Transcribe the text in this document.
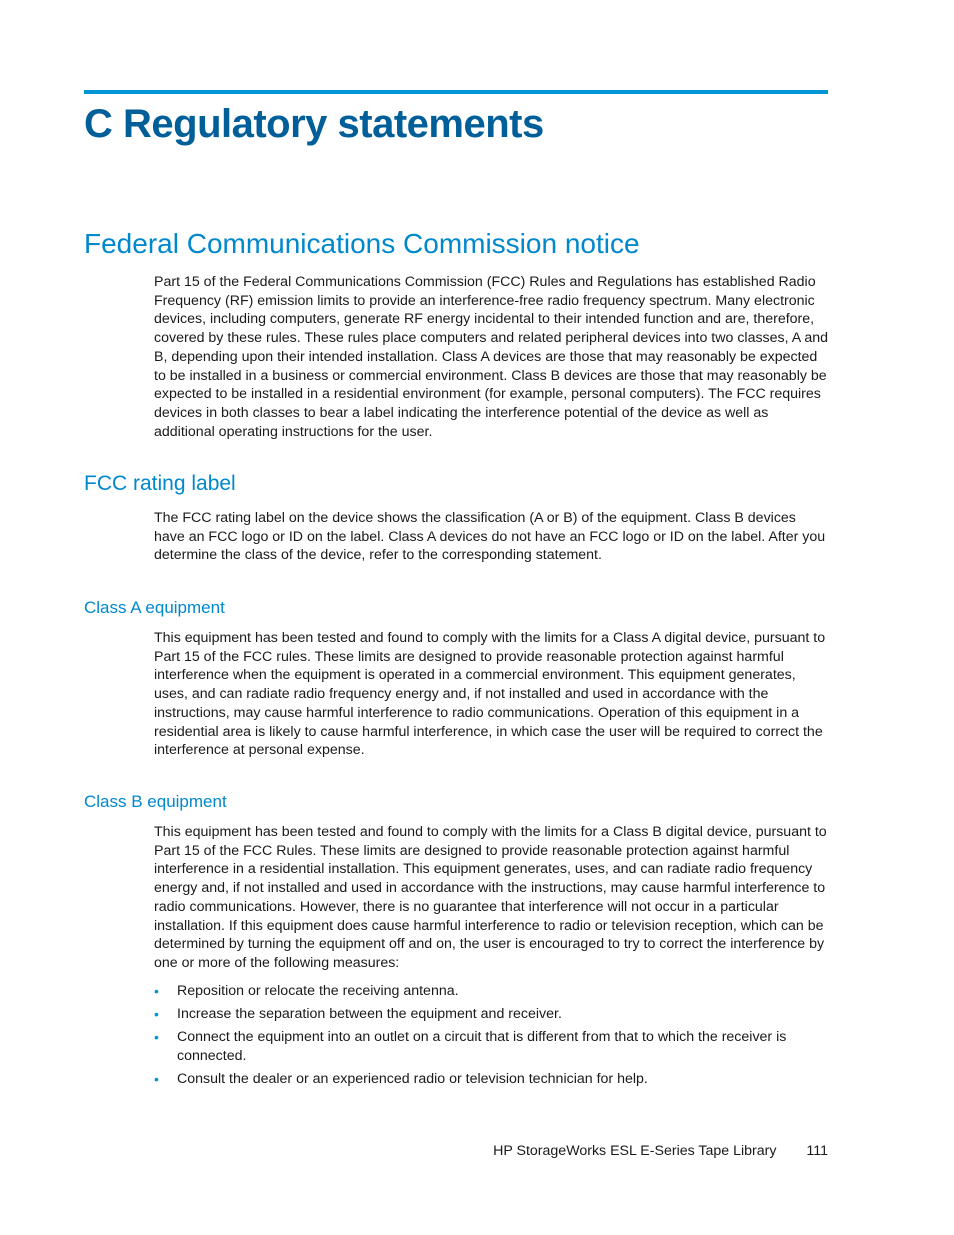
C Regulatory statements
Federal Communications Commission notice

Part 15 of the Federal Communications Commission (FCC) Rules and Regulations has established Radio Frequency (RF) emission limits to provide an interference-free radio frequency spectrum. Many electronic devices, including computers, generate RF energy incidental to their intended function and are, therefore, covered by these rules. These rules place computers and related peripheral devices into two classes, A and B, depending upon their intended installation. Class A devices are those that may reasonably be expected to be installed in a business or commercial environment. Class B devices are those that may reasonably be expected to be installed in a residential environment (for example, personal computers). The FCC requires devices in both classes to bear a label indicating the interference potential of the device as well as additional operating instructions for the user.

FCC rating label

The FCC rating label on the device shows the classification (A or B) of the equipment. Class B devices have an FCC logo or ID on the label. Class A devices do not have an FCC logo or ID on the label. After you determine the class of the device, refer to the corresponding statement.

Class A equipment

This equipment has been tested and found to comply with the limits for a Class A digital device, pursuant to Part 15 of the FCC rules. These limits are designed to provide reasonable protection against harmful interference when the equipment is operated in a commercial environment. This equipment generates, uses, and can radiate radio frequency energy and, if not installed and used in accordance with the instructions, may cause harmful interference to radio communications. Operation of this equipment in a residential area is likely to cause harmful interference, in which case the user will be required to correct the interference at personal expense.

Class B equipment

This equipment has been tested and found to comply with the limits for a Class B digital device, pursuant to Part 15 of the FCC Rules. These limits are designed to provide reasonable protection against harmful interference in a residential installation. This equipment generates, uses, and can radiate radio frequency energy and, if not installed and used in accordance with the instructions, may cause harmful interference to radio communications. However, there is no guarantee that interference will not occur in a particular installation. If this equipment does cause harmful interference to radio or television reception, which can be determined by turning the equipment off and on, the user is encouraged to try to correct the interference by one or more of the following measures:

• Reposition or relocate the receiving antenna.
• Increase the separation between the equipment and receiver.
• Connect the equipment into an outlet on a circuit that is different from that to which the receiver is connected.
• Consult the dealer or an experienced radio or television technician for help.
HP StorageWorks ESL E-Series Tape Library 111
